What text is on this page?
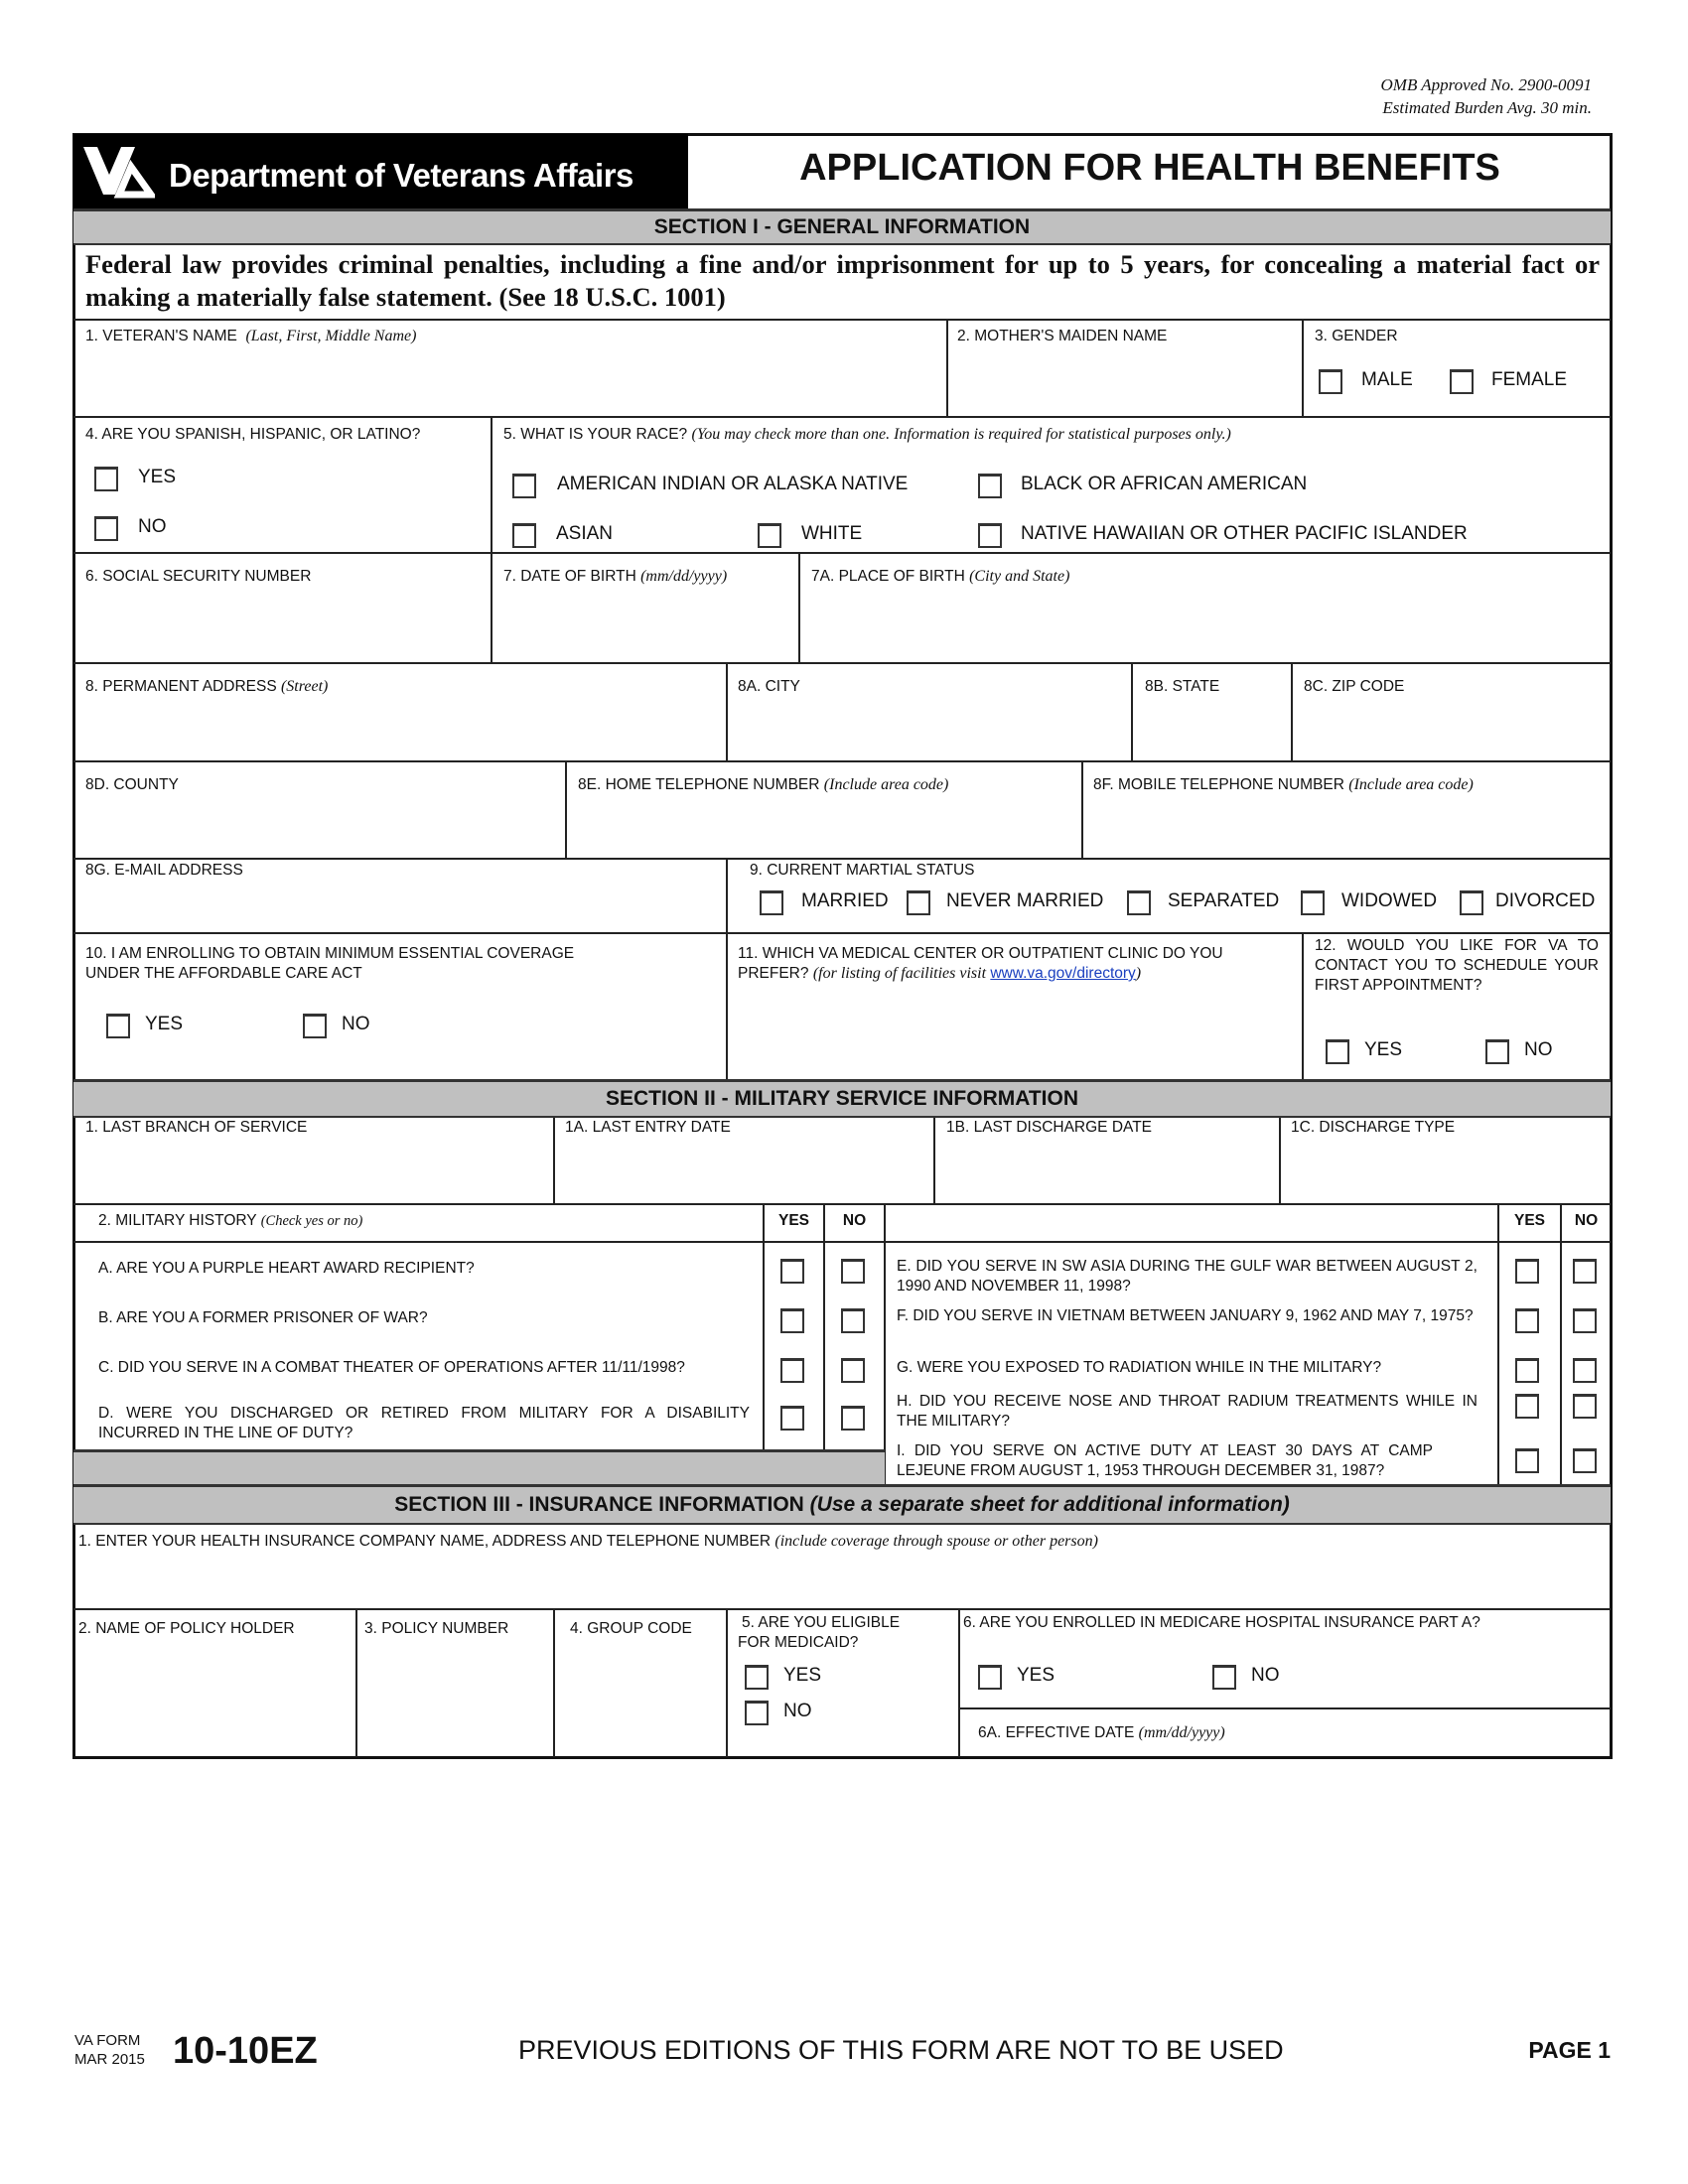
OMB Approved No. 2900-0091
Estimated Burden Avg. 30 min.
Department of Veterans Affairs	APPLICATION FOR HEALTH BENEFITS
SECTION I - GENERAL INFORMATION
Federal law provides criminal penalties, including a fine and/or imprisonment for up to 5 years, for concealing a material fact or making a materially false statement. (See 18 U.S.C. 1001)
1. VETERAN'S NAME (Last, First, Middle Name)	2. MOTHER'S MAIDEN NAME	3. GENDER
MALE	FEMALE
4. ARE YOU SPANISH, HISPANIC, OR LATINO?
YES
NO
5. WHAT IS YOUR RACE? (You may check more than one. Information is required for statistical purposes only.)
AMERICAN INDIAN OR ALASKA NATIVE	BLACK OR AFRICAN AMERICAN
ASIAN	WHITE	NATIVE HAWAIIAN OR OTHER PACIFIC ISLANDER
6. SOCIAL SECURITY NUMBER	7. DATE OF BIRTH (mm/dd/yyyy)	7A. PLACE OF BIRTH (City and State)
8. PERMANENT ADDRESS (Street)	8A. CITY	8B. STATE	8C. ZIP CODE
8D. COUNTY	8E. HOME TELEPHONE NUMBER (Include area code)	8F. MOBILE TELEPHONE NUMBER (Include area code)
8G. E-MAIL ADDRESS	9. CURRENT MARTIAL STATUS
MARRIED	NEVER MARRIED	SEPARATED	WIDOWED	DIVORCED
10. I AM ENROLLING TO OBTAIN MINIMUM ESSENTIAL COVERAGE
UNDER THE AFFORDABLE CARE ACT
YES	NO
11. WHICH VA MEDICAL CENTER OR OUTPATIENT CLINIC DO YOU
PREFER? (for listing of facilities visit www.va.gov/directory)
12. WOULD YOU LIKE FOR VA TO CONTACT YOU TO SCHEDULE YOUR FIRST APPOINTMENT?
YES	NO
SECTION II - MILITARY SERVICE INFORMATION
1. LAST BRANCH OF SERVICE	1A. LAST ENTRY DATE	1B. LAST DISCHARGE DATE	1C. DISCHARGE TYPE
2. MILITARY HISTORY (Check yes or no)	YES	NO	YES	NO
A. ARE YOU A PURPLE HEART AWARD RECIPIENT?
B. ARE YOU A FORMER PRISONER OF WAR?
C. DID YOU SERVE IN A COMBAT THEATER OF OPERATIONS AFTER 11/11/1998?
D. WERE YOU DISCHARGED OR RETIRED FROM MILITARY FOR A DISABILITY INCURRED IN THE LINE OF DUTY?
E. DID YOU SERVE IN SW ASIA DURING THE GULF WAR BETWEEN AUGUST 2, 1990 AND NOVEMBER 11, 1998?
F. DID YOU SERVE IN VIETNAM BETWEEN JANUARY 9, 1962 AND MAY 7, 1975?
G. WERE YOU EXPOSED TO RADIATION WHILE IN THE MILITARY?
H. DID YOU RECEIVE NOSE AND THROAT RADIUM TREATMENTS WHILE IN THE MILITARY?
I. DID YOU SERVE ON ACTIVE DUTY AT LEAST 30 DAYS AT CAMP LEJEUNE FROM AUGUST 1, 1953 THROUGH DECEMBER 31, 1987?
SECTION III - INSURANCE INFORMATION (Use a separate sheet for additional information)
1. ENTER YOUR HEALTH INSURANCE COMPANY NAME, ADDRESS AND TELEPHONE NUMBER (include coverage through spouse or other person)
2. NAME OF POLICY HOLDER	3. POLICY NUMBER	4. GROUP CODE	5. ARE YOU ELIGIBLE
FOR MEDICAID?
YES
NO
6. ARE YOU ENROLLED IN MEDICARE HOSPITAL INSURANCE PART A?
YES	NO
6A. EFFECTIVE DATE (mm/dd/yyyy)
VA FORM
MAR 2015 10-10EZ	PREVIOUS EDITIONS OF THIS FORM ARE NOT TO BE USED	PAGE 1
